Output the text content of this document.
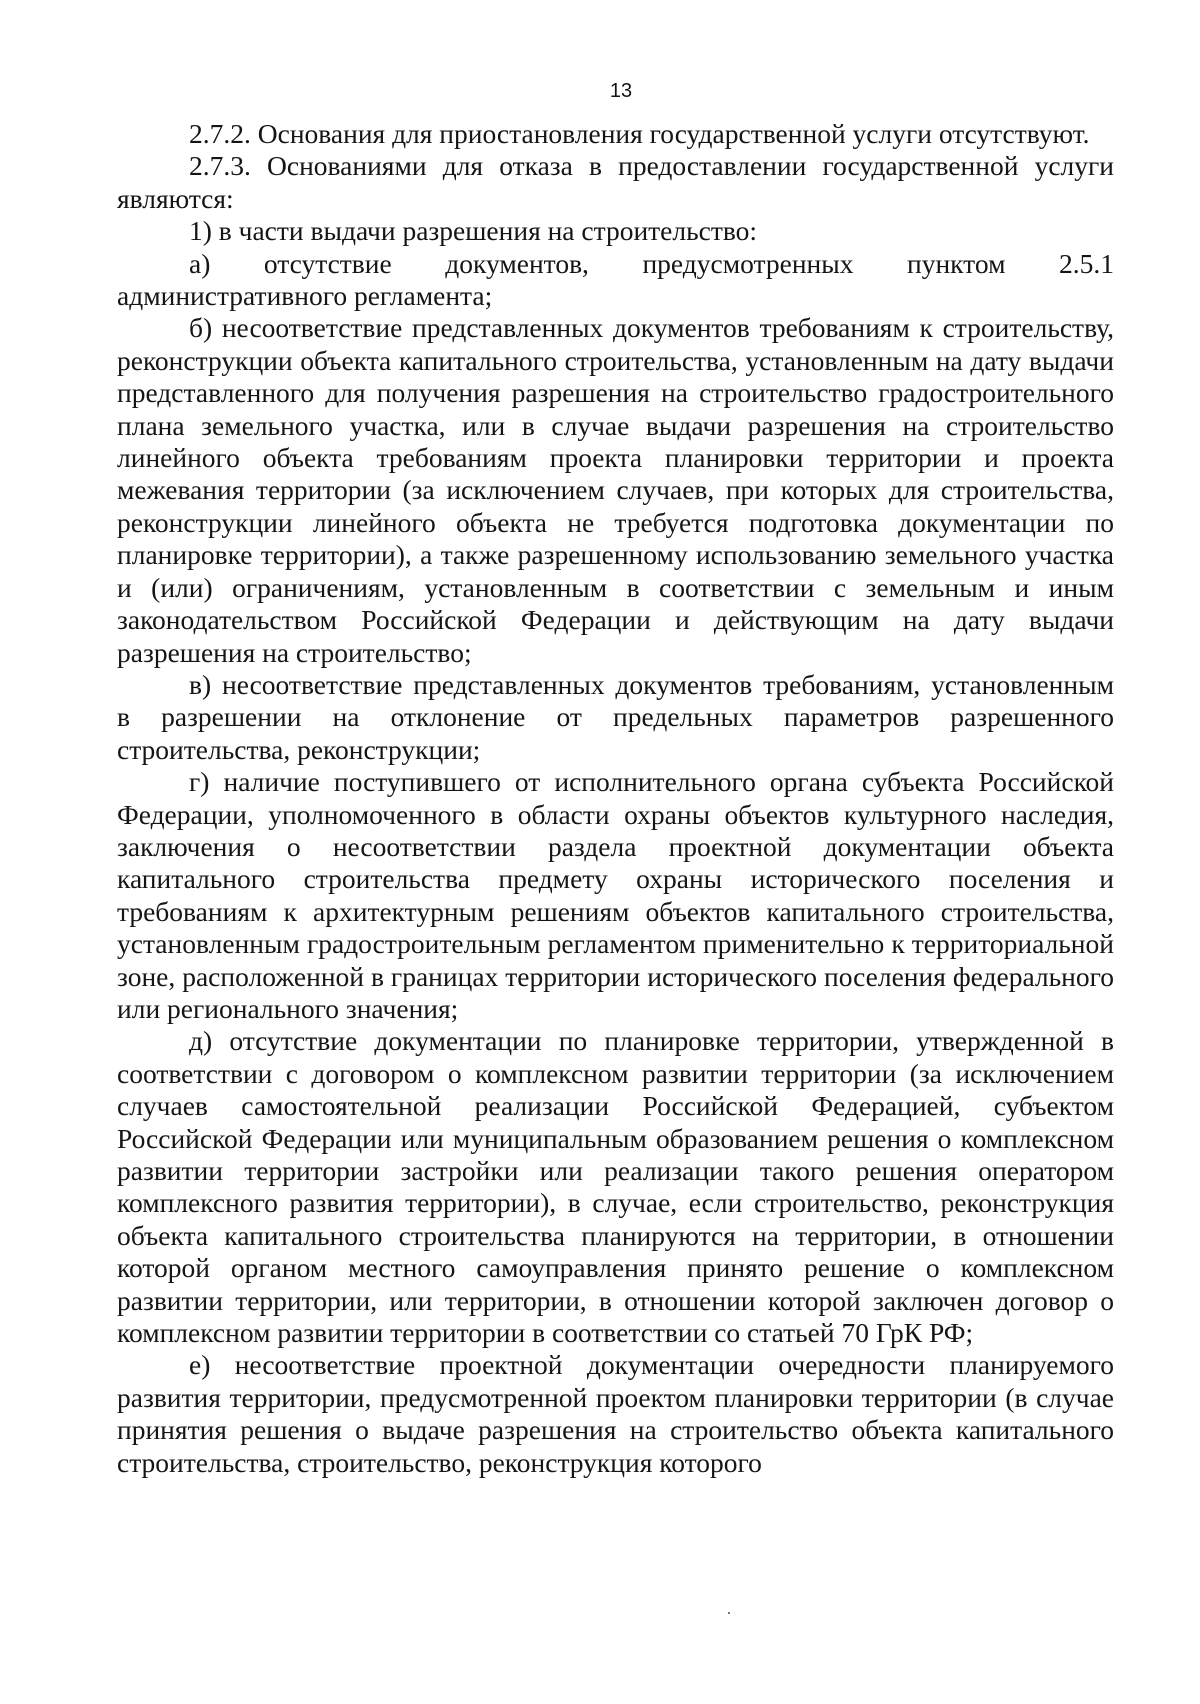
13

2.7.2. Основания для приостановления государственной услуги отсутствуют.

2.7.3. Основаниями для отказа в предоставлении государственной услуги являются:

1) в части выдачи разрешения на строительство:

а) отсутствие документов, предусмотренных пунктом 2.5.1 административного регламента;

б) несоответствие представленных документов требованиям к строительству, реконструкции объекта капитального строительства, установленным на дату выдачи представленного для получения разрешения на строительство градостроительного плана земельного участка, или в случае выдачи разрешения на строительство линейного объекта требованиям проекта планировки территории и проекта межевания территории (за исключением случаев, при которых для строительства, реконструкции линейного объекта не требуется подготовка документации по планировке территории), а также разрешенному использованию земельного участка и (или) ограничениям, установленным в соответствии с земельным и иным законодательством Российской Федерации и действующим на дату выдачи разрешения на строительство;

в) несоответствие представленных документов требованиям, установленным в разрешении на отклонение от предельных параметров разрешенного строительства, реконструкции;

г) наличие поступившего от исполнительного органа субъекта Российской Федерации, уполномоченного в области охраны объектов культурного наследия, заключения о несоответствии раздела проектной документации объекта капитального строительства предмету охраны исторического поселения и требованиям к архитектурным решениям объектов капитального строительства, установленным градостроительным регламентом применительно к территориальной зоне, расположенной в границах территории исторического поселения федерального или регионального значения;

д) отсутствие документации по планировке территории, утвержденной в соответствии с договором о комплексном развитии территории (за исключением случаев самостоятельной реализации Российской Федерацией, субъектом Российской Федерации или муниципальным образованием решения о комплексном развитии территории застройки или реализации такого решения оператором комплексного развития территории), в случае, если строительство, реконструкция объекта капитального строительства планируются на территории, в отношении которой органом местного самоуправления принято решение о комплексном развитии территории, или территории, в отношении которой заключен договор о комплексном развитии территории в соответствии со статьей 70 ГрК РФ;

е) несоответствие проектной документации очередности планируемого развития территории, предусмотренной проектом планировки территории (в случае принятия решения о выдаче разрешения на строительство объекта капитального строительства, строительство, реконструкция которого
